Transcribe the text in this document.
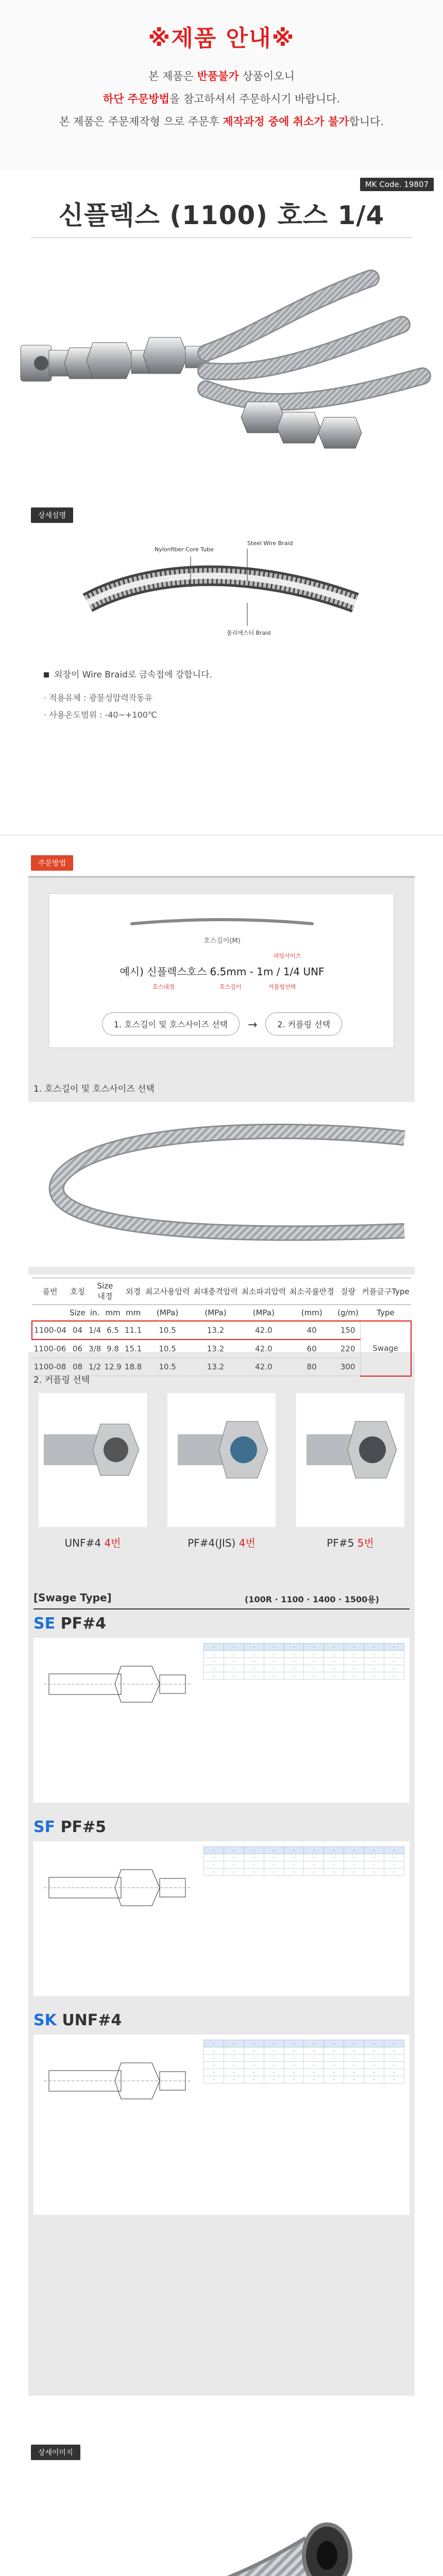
※제품 안내※
본 제품은 반품불가 상품이오니
하단 주문방법을 참고하셔서 주문하시기 바랍니다.
본 제품은 주문제작형 으로 주문후 제작과정 중에 취소가 불가합니다.
MK Code. 19807
신플렉스 (1100) 호스 1/4
상세설명
Nylonfiber Core Tube
Steel Wire Braid
폴리에스터 Braid
외장이 Wire Braid로 금속접에 강합니다.
· 적용유체 : 광물성압력작동유
· 사용온도범위 : -40~+100℃
주문방법
호스길이(M)
피팅사이즈
예시) 신플렉스호스 6.5mm - 1m / 1/4 UNF
호스내경	호스길이	커플링선택
1. 호스길이 및 호스사이즈 선택 → 2. 커플링 선택
1. 호스길이 및 호스사이즈 선택
품번	호칭	Size
내경		외경	최고사용압력	최대충격압력	최소파괴압력	최소곡률반경	질량	커플금구Type
	Size	in.	mm	mm	(MPa)	(MPa)	(MPa)	(mm)	(g/m)	Type
1100-04	04	1/4	6.5	11.1	10.5	13.2	42.0	40	150	Swage
1100-06	06	3/8	9.8	15.1	10.5	13.2	42.0	60	220	
1100-08	08	1/2	12.9	18.8	10.5	13.2	42.0	80	300	
2. 커플링 선택
UNF#4 4번	PF#4(JIS) 4번	PF#5 5번
[Swage Type]	(100R · 1100 · 1400 · 1500용)
SE PF#4
-	-	-	-	-	-	-	-	-	-
-	-	-	-	-	-	-	-	-	-
-	-	-	-	-	-	-	-	-	-
-	-	-	-	-	-	-	-	-	-
-	-	-	-	-	-	-	-	-	-
SF PF#5
-	-	-	-	-	-	-	-	-	-
-	-	-	-	-	-	-	-	-	-
-	-	-	-	-	-	-	-	-	-
-	-	-	-	-	-	-	-	-	-
SK UNF#4
-	-	-	-	-	-	-	-	-	-
-	-	-	-	-	-	-	-	-	-
-	-	-	-	-	-	-	-	-	-
-	-	-	-	-	-	-	-	-	-
-	-	-	-	-	-	-	-	-	-
-	-	-	-	-	-	-	-	-	-
상세이미지
